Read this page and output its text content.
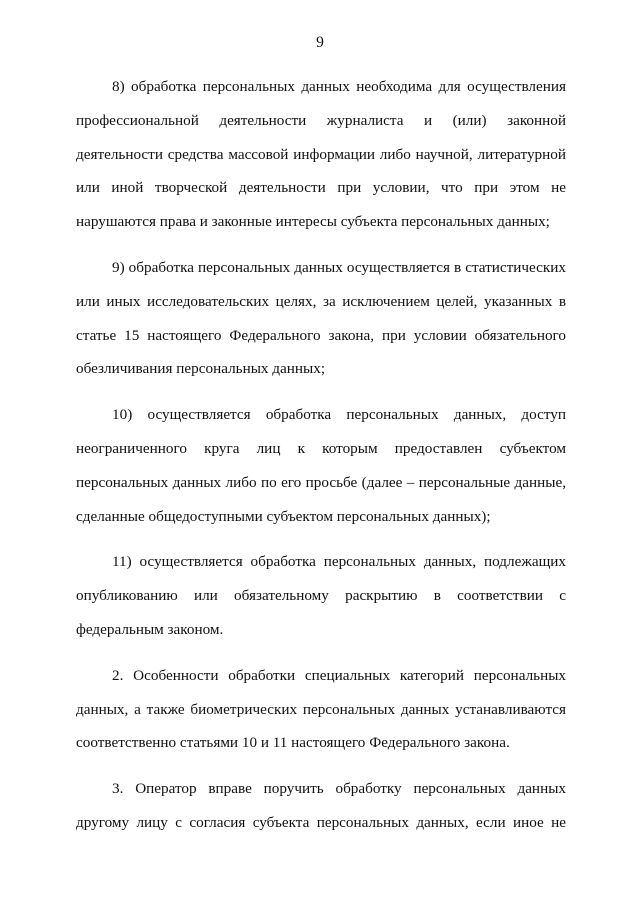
9

8) обработка персональных данных необходима для осуществления
профессиональной деятельности журналиста и (или) законной
деятельности средства массовой информации либо научной, литературной
или иной творческой деятельности при условии, что при этом не
нарушаются права и законные интересы субъекта персональных данных;

9) обработка персональных данных осуществляется в статистических
или иных исследовательских целях, за исключением целей, указанных в
статье 15 настоящего Федерального закона, при условии обязательного
обезличивания персональных данных;

10) осуществляется обработка персональных данных, доступ
неограниченного круга лиц к которым предоставлен субъектом
персональных данных либо по его просьбе (далее – персональные данные,
сделанные общедоступными субъектом персональных данных);

11) осуществляется обработка персональных данных, подлежащих
опубликованию или обязательному раскрытию в соответствии с
федеральным законом.

2. Особенности обработки специальных категорий персональных
данных, а также биометрических персональных данных устанавливаются
соответственно статьями 10 и 11 настоящего Федерального закона.

3. Оператор вправе поручить обработку персональных данных
другому лицу с согласия субъекта персональных данных, если иное не
